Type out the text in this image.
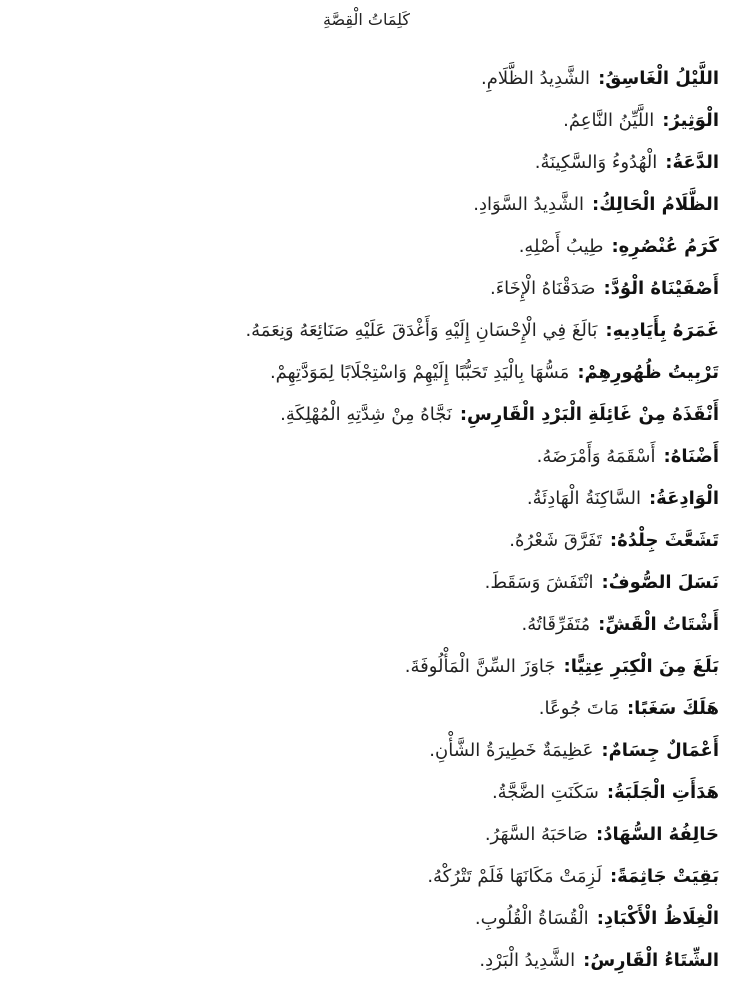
كَلِمَاتُ الْقِصَّةِ
اللَّيْلُ الْغَاسِقُ:الشَّدِيدُ الظَّلَامِ.
الْوَثِيرُ:اللَّيِّنُ النَّاعِمُ.
الدَّعَةُ:الْهُدُوءُ وَالسَّكِينَةُ.
الظَّلَامُ الْحَالِكُ:الشَّدِيدُ السَّوَادِ.
كَرَمُ عُنْصُرِهِ:طِيبُ أَصْلِهِ.
أَصْفَيْنَاهُ الْوُدَّ:صَدَقْنَاهُ الْإِخَاءَ.
غَمَرَهُ بِأَيَادِيهِ:بَالَغَ فِي الْإِحْسَانِ إِلَيْهِ وَأَغْدَقَ عَلَيْهِ صَنَائِعَهُ وَنِعَمَهُ.
تَرْبِيتُ ظُهُورِهِمْ:مَسُّهَا بِالْيَدِ تَحَبُّبًا إِلَيْهِمْ وَاسْتِجْلَابًا لِمَوَدَّتِهِمْ.
أَنْقَذَهُ مِنْ غَائِلَةِ الْبَرْدِ الْقَارِسِ:نَجَّاهُ مِنْ شِدَّتِهِ الْمُهْلِكَةِ.
أَضْنَاهُ:أَسْقَمَهُ وَأَمْرَضَهُ.
الْوَادِعَةُ:السَّاكِنَةُ الْهَادِئَةُ.
تَشَعَّثَ جِلْدُهُ:تَفَرَّقَ شَعْرُهُ.
نَسَلَ الصُّوفُ:انْتَفَشَ وَسَقَطَ.
أَشْتَاتُ الْقَشِّ:مُتَفَرِّقَاتُهُ.
بَلَغَ مِنَ الْكِبَرِ عِتِيًّا:جَاوَزَ السِّنَّ الْمَأْلُوفَةَ.
هَلَكَ سَغَبًا:مَاتَ جُوعًا.
أَعْمَالٌ جِسَامٌ:عَظِيمَةٌ خَطِيرَةُ الشَّأْنِ.
هَدَأَتِ الْجَلَبَةُ:سَكَنَتِ الضَّجَّةُ.
حَالِفُهُ السُّهَادُ:صَاحَبَهُ السَّهَرُ.
بَقِيَتْ جَاثِمَةً:لَزِمَتْ مَكَانَهَا فَلَمْ تَتْرُكْهُ.
الْغِلَاظُ الْأَكْبَادِ:الْقُسَاةُ الْقُلُوبِ.
الشِّتَاءُ الْقَارِسُ:الشَّدِيدُ الْبَرْدِ.
